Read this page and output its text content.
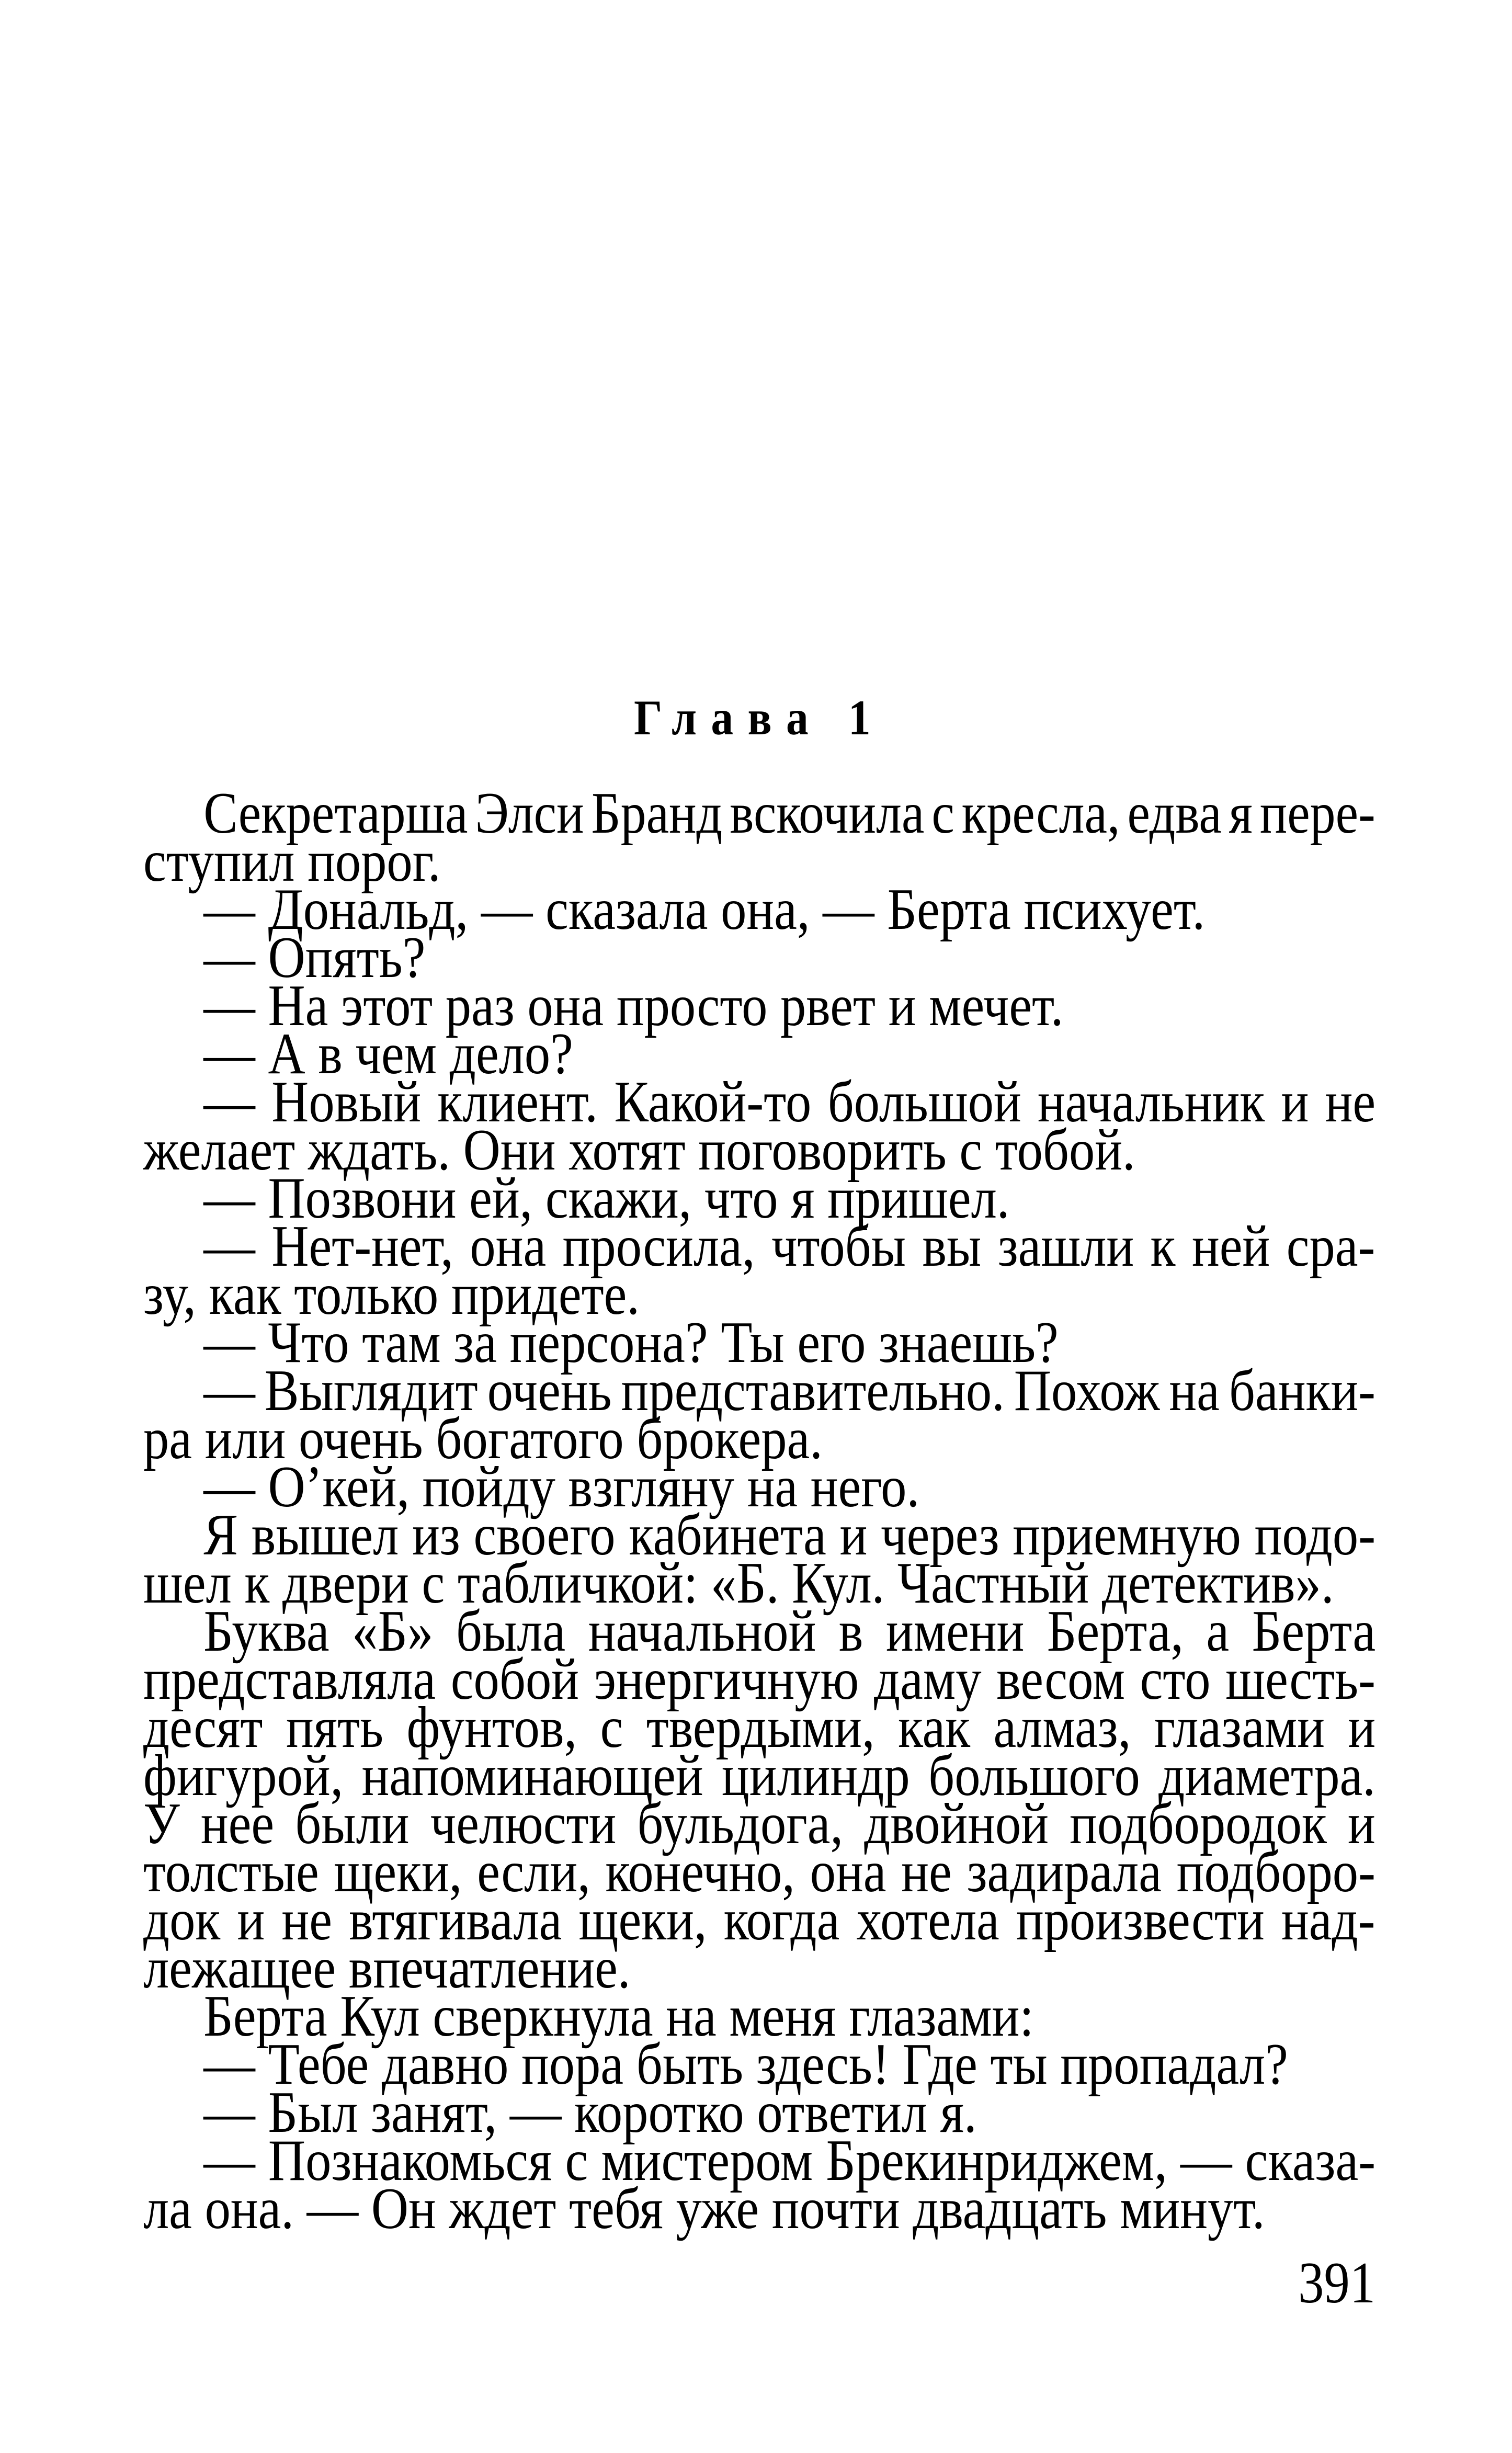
Глава 1
Секретарша Элси Бранд вскочила с кресла, едва я пере-
ступил порог.
— Дональд, — сказала она, — Берта психует.
— Опять?
— На этот раз она просто рвет и мечет.
— А в чем дело?
— Новый клиент. Какой-то большой начальник и не
желает ждать. Они хотят поговорить с тобой.
— Позвони ей, скажи, что я пришел.
— Нет-нет, она просила, чтобы вы зашли к ней сра-
зу, как только придете.
— Что там за персона? Ты его знаешь?
— Выглядит очень представительно. Похож на банки-
ра или очень богатого брокера.
— О’кей, пойду взгляну на него.
Я вышел из своего кабинета и через приемную подо-
шел к двери с табличкой: «Б. Кул. Частный детектив».
Буква «Б» была начальной в имени Берта, а Берта
представляла собой энергичную даму весом сто шесть-
десят пять фунтов, с твердыми, как алмаз, глазами и
фигурой, напоминающей цилиндр большого диаметра.
У нее были челюсти бульдога, двойной подбородок и
толстые щеки, если, конечно, она не задирала подборо-
док и не втягивала щеки, когда хотела произвести над-
лежащее впечатление.
Берта Кул сверкнула на меня глазами:
— Тебе давно пора быть здесь! Где ты пропадал?
— Был занят, — коротко ответил я.
— Познакомься с мистером Брекинриджем, — сказа-
ла она. — Он ждет тебя уже почти двадцать минут.
391
